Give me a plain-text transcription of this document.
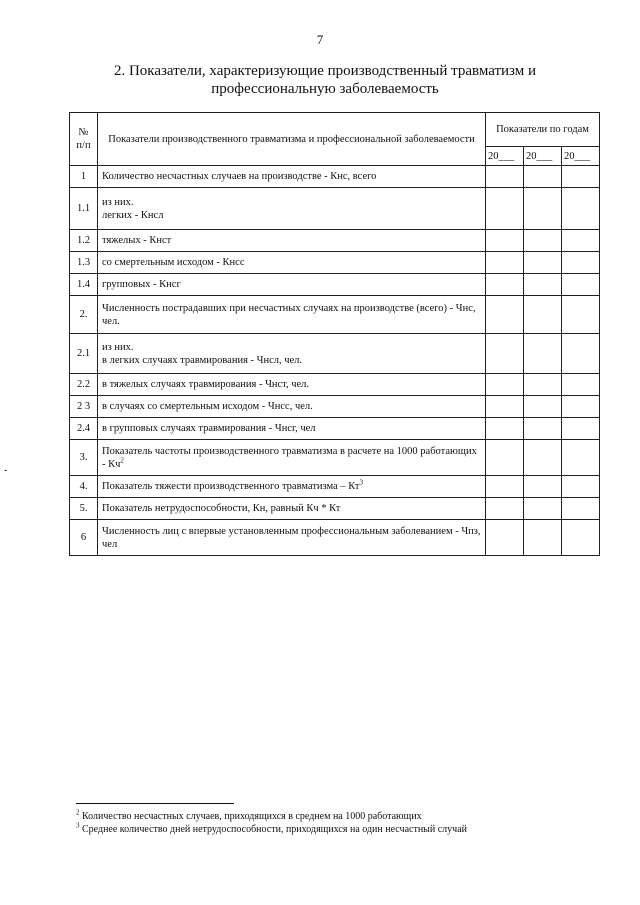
7
2. Показатели, характеризующие производственный травматизм и профессиональную заболеваемость
№ п/п	Показатели производственного травматизма и профессиональной заболеваемости	Показатели по годам		
		20___	20___	20___
1	Количество несчастных случаев на производстве - Кнс, всего			
1.1	из них.
легких - Кнсл			
1.2	тяжелых - Кнст			
1.3	со смертельным исходом - Кнсс			
1.4	групповых - Кнсг			
2.	Численность пострадавших при несчастных случаях на производстве (всего) - Чнс, чел.			
2.1	из них.
в легких случаях травмирования - Чнсл, чел.			
2.2	в тяжелых случаях травмирования - Чнст, чел.			
2 3	в случаях со смертельным исходом - Чнсс, чел.			
2.4	в групповых случаях травмирования - Чнсг, чел			
3.	Показатель частоты производственного травматизма в расчете на 1000 работающих - $Кч^2$			
4.	Показатель тяжести производственного травматизма – $Кт^3$			
5.	Показатель нетрудоспособности, Кн, равный Кч * Кт			
6	Численность лиц с впервые установленным профессиональным заболеванием - Чпз, чел			
-
$^2$ Количество несчастных случаев, приходящихся в среднем на 1000 работающих
$^3$ Среднее количество дней нетрудоспособности, приходящихся на один несчастный случай
